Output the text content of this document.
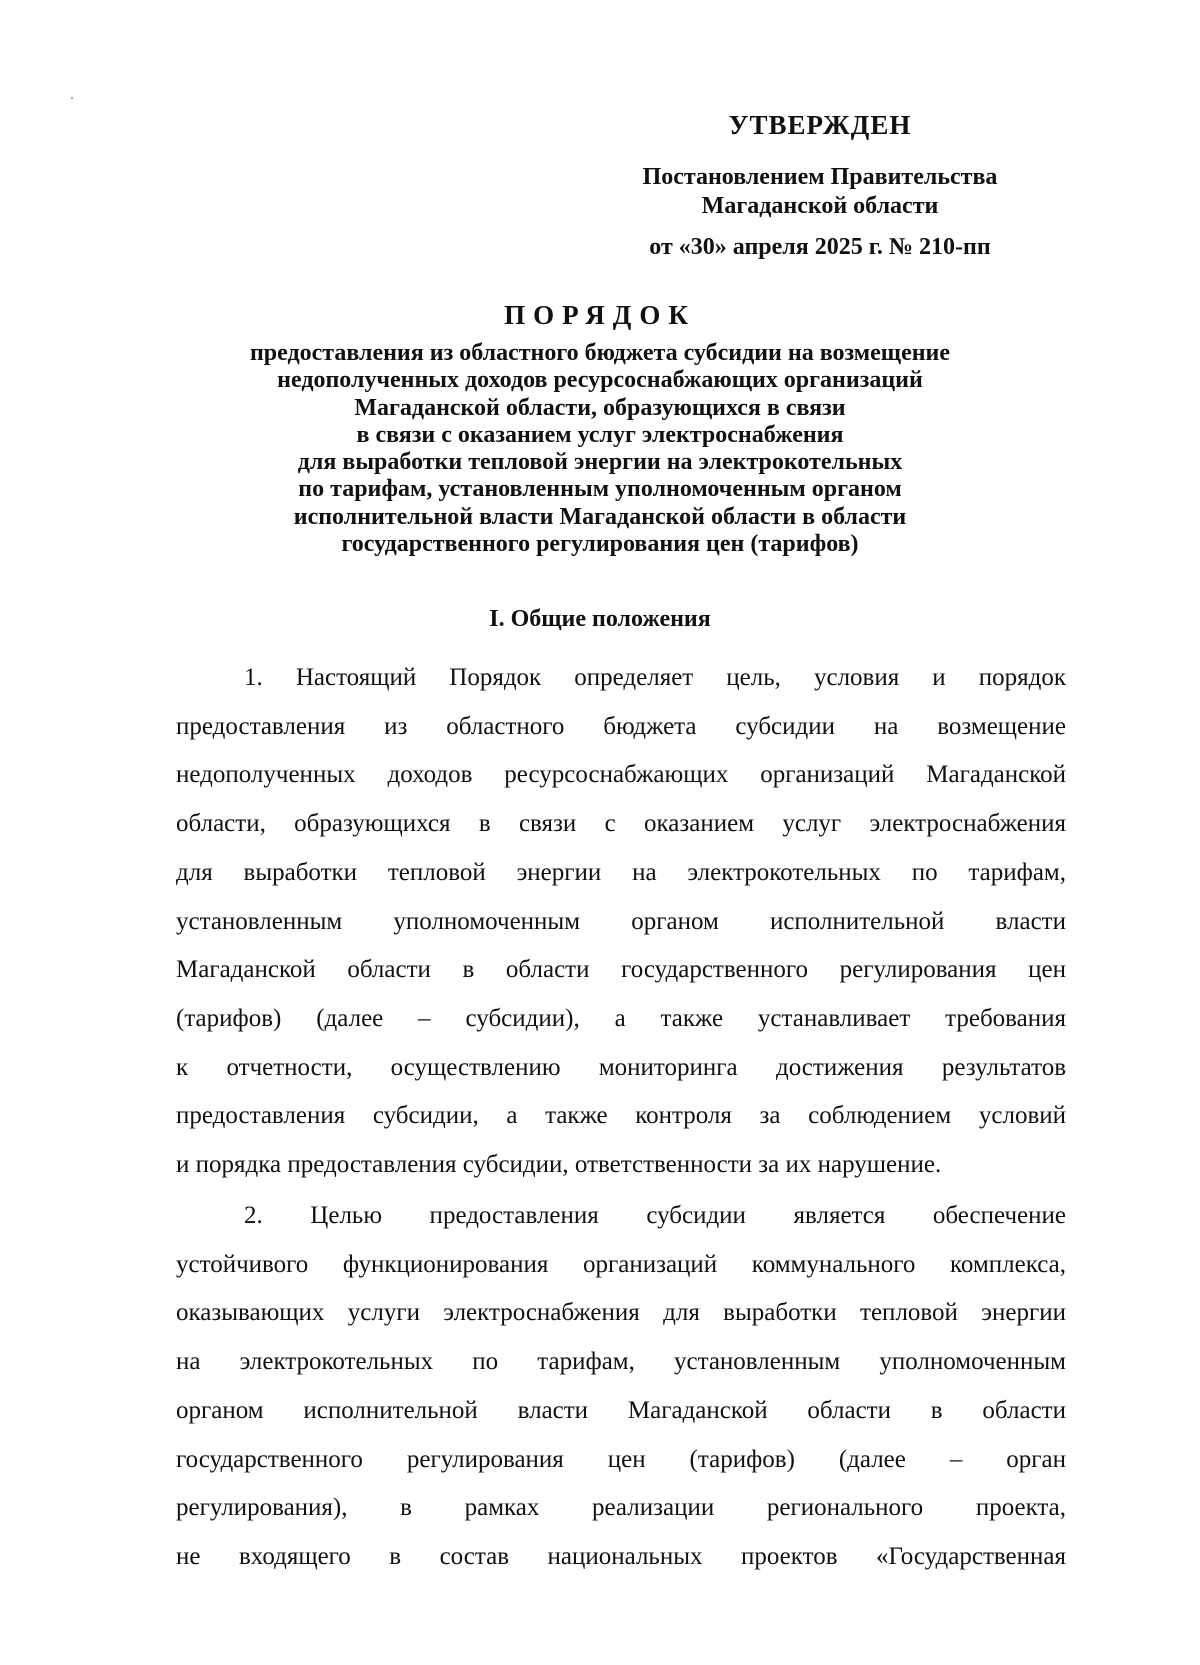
УТВЕРЖДЕН
Постановлением Правительства
Магаданской области
от «30» апреля 2025 г. № 210-пп
ПОРЯДОК
предоставления из областного бюджета субсидии на возмещение
недополученных доходов ресурсоснабжающих организаций
Магаданской области, образующихся в связи
в связи с оказанием услуг электроснабжения
для выработки тепловой энергии на электрокотельных
по тарифам, установленным уполномоченным органом
исполнительной власти Магаданской области в области
государственного регулирования цен (тарифов)
I. Общие положения
1. Настоящий Порядок определяет цель, условия и порядок
предоставления из областного бюджета субсидии на возмещение
недополученных доходов ресурсоснабжающих организаций Магаданской
области, образующихся в связи с оказанием услуг электроснабжения
для выработки тепловой энергии на электрокотельных по тарифам,
установленным уполномоченным органом исполнительной власти
Магаданской области в области государственного регулирования цен
(тарифов) (далее – субсидии), а также устанавливает требования
к отчетности, осуществлению мониторинга достижения результатов
предоставления субсидии, а также контроля за соблюдением условий
и порядка предоставления субсидии, ответственности за их нарушение.
2. Целью предоставления субсидии является обеспечение
устойчивого функционирования организаций коммунального комплекса,
оказывающих услуги электроснабжения для выработки тепловой энергии
на электрокотельных по тарифам, установленным уполномоченным
органом исполнительной власти Магаданской области в области
государственного регулирования цен (тарифов) (далее – орган
регулирования), в рамках реализации регионального проекта,
не входящего в состав национальных проектов «Государственная
